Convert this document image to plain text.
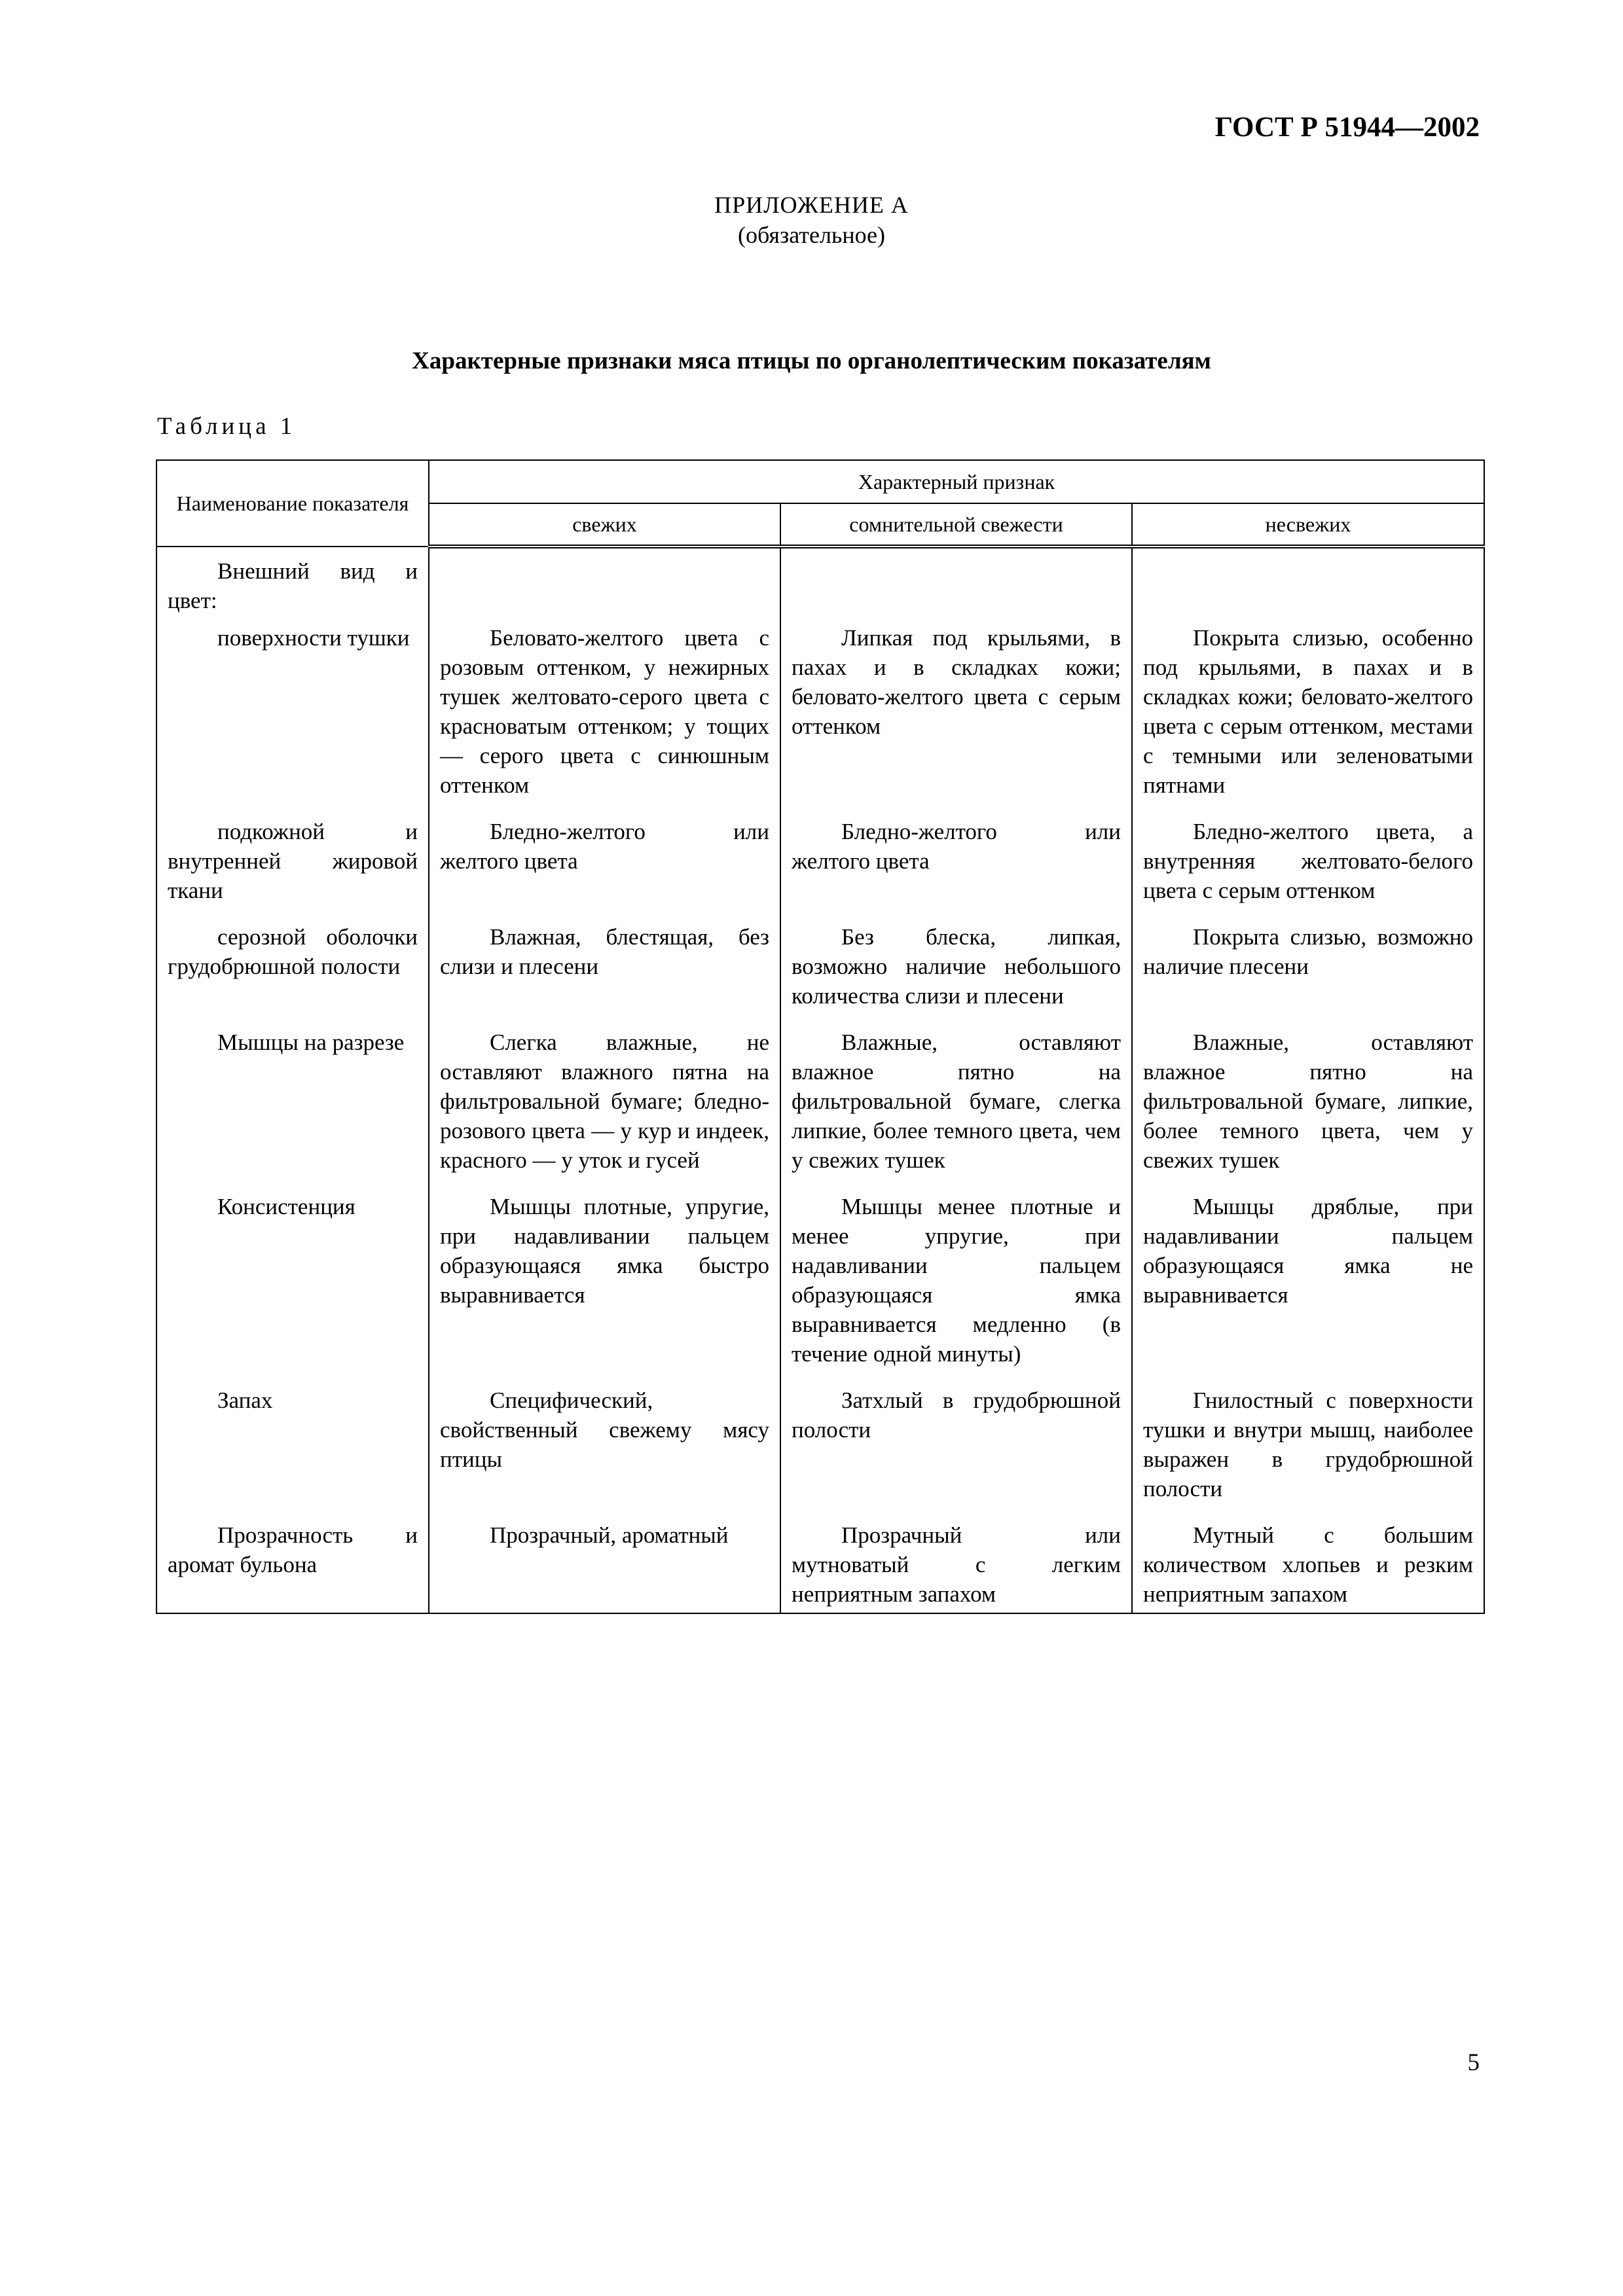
ГОСТ Р 51944—2002
ПРИЛОЖЕНИЕ А
(обязательное)
Характерные признаки мяса птицы по органолептическим показателям
Таблица 1
Наименование показателя	Характерный признак		
	свежих	сомнительной свежести	несвежих

Внешний вид и цвет:			

поверхности тушки	Беловато-желтого цвета с розовым оттенком, у нежирных тушек желтовато-серого цвета с красноватым оттенком; у тощих — серого цвета с синюшным оттенком	Липкая под крыльями, в пахах и в складках кожи; беловато-желтого цвета с серым оттенком	Покрыта слизью, особенно под крыльями, в пахах и в складках кожи; беловато-желтого цвета с серым оттенком, местами с темными или зеленоватыми пятнами

подкожной и внутренней жировой ткани	Бледно-желтого или желтого цвета	Бледно-желтого или желтого цвета	Бледно-желтого цвета, а внутренняя желтовато-белого цвета с серым оттенком

серозной оболочки грудобрюшной полости	Влажная, блестящая, без слизи и плесени	Без блеска, липкая, возможно наличие небольшого количества слизи и плесени	Покрыта слизью, возможно наличие плесени

Мышцы на разрезе	Слегка влажные, не оставляют влажного пятна на фильтровальной бумаге; бледно-розового цвета — у кур и индеек, красного — у уток и гусей	Влажные, оставляют влажное пятно на фильтровальной бумаге, слегка липкие, более темного цвета, чем у свежих тушек	Влажные, оставляют влажное пятно на фильтровальной бумаге, липкие, более темного цвета, чем у свежих тушек

Консистенция	Мышцы плотные, упругие, при надавливании пальцем образующаяся ямка быстро выравнивается	Мышцы менее плотные и менее упругие, при надавливании пальцем образующаяся ямка выравнивается медленно (в течение одной минуты)	Мышцы дряблые, при надавливании пальцем образующаяся ямка не выравнивается

Запах	Специфический, свойственный свежему мясу птицы	Затхлый в грудобрюшной полости	Гнилостный с поверхности тушки и внутри мышц, наиболее выражен в грудобрюшной полости

Прозрачность и аромат бульона	Прозрачный, ароматный	Прозрачный или мутноватый с легким неприятным запахом	Мутный с большим количеством хлопьев и резким неприятным запахом
5
